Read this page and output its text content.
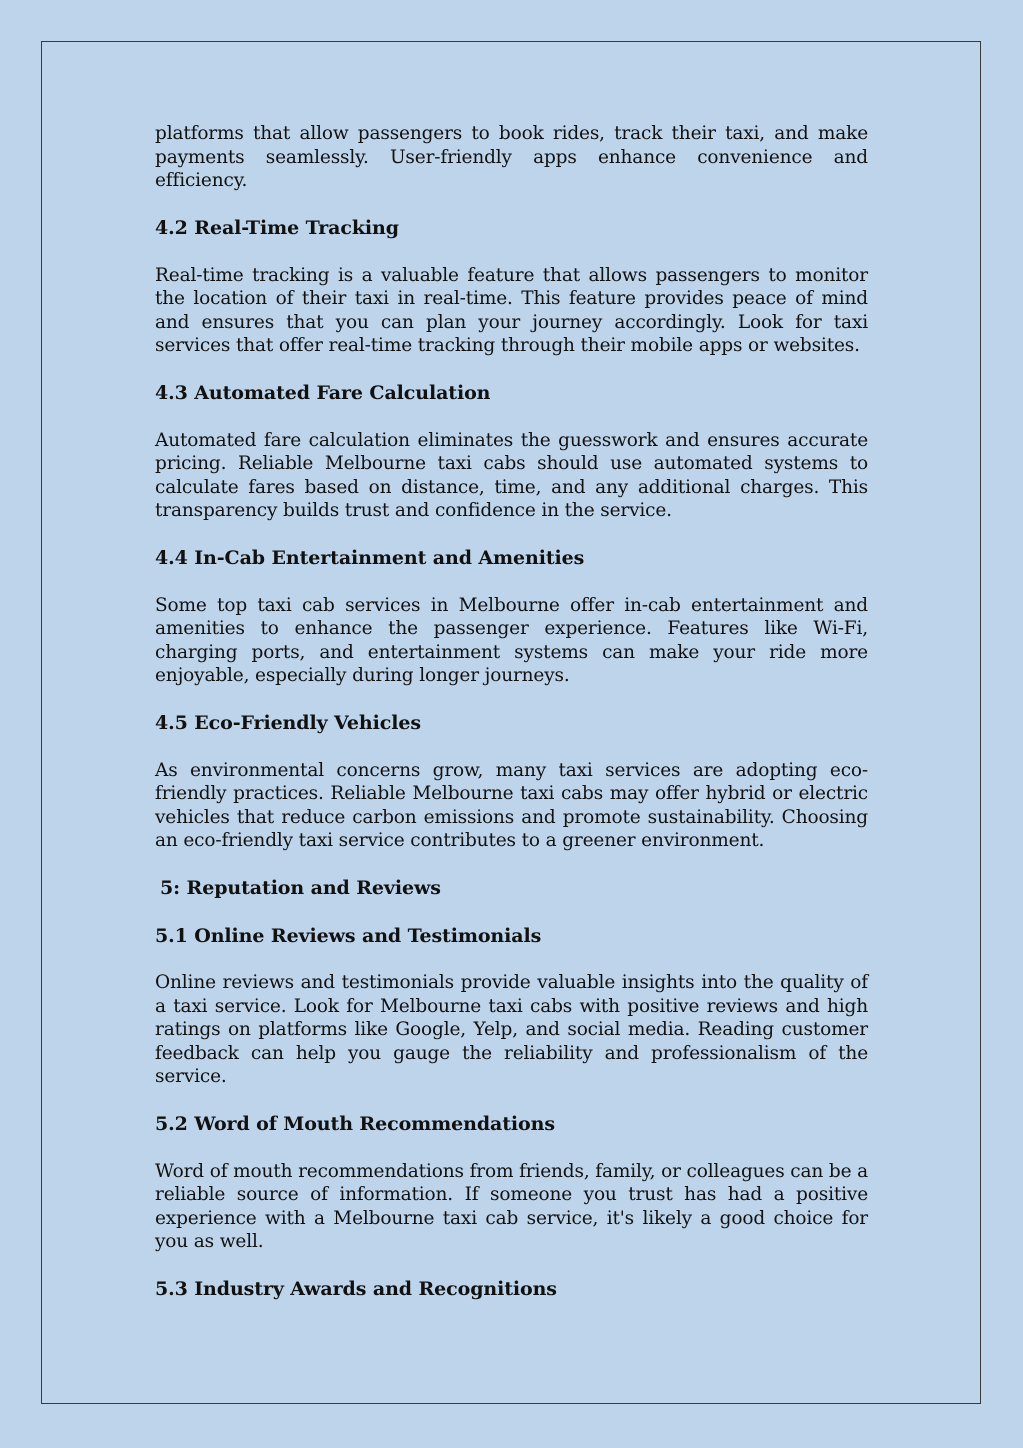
platforms that allow passengers to book rides, track their taxi, and make payments seamlessly. User-friendly apps enhance convenience and efficiency.

4.2 Real-Time Tracking

Real-time tracking is a valuable feature that allows passengers to monitor the location of their taxi in real-time. This feature provides peace of mind and ensures that you can plan your journey accordingly. Look for taxi services that offer real-time tracking through their mobile apps or websites.

4.3 Automated Fare Calculation

Automated fare calculation eliminates the guesswork and ensures accurate pricing. Reliable Melbourne taxi cabs should use automated systems to calculate fares based on distance, time, and any additional charges. This transparency builds trust and confidence in the service.

4.4 In-Cab Entertainment and Amenities

Some top taxi cab services in Melbourne offer in-cab entertainment and amenities to enhance the passenger experience. Features like Wi-Fi, charging ports, and entertainment systems can make your ride more enjoyable, especially during longer journeys.

4.5 Eco-Friendly Vehicles

As environmental concerns grow, many taxi services are adopting eco-friendly practices. Reliable Melbourne taxi cabs may offer hybrid or electric vehicles that reduce carbon emissions and promote sustainability. Choosing an eco-friendly taxi service contributes to a greener environment.

5: Reputation and Reviews
5.1 Online Reviews and Testimonials

Online reviews and testimonials provide valuable insights into the quality of a taxi service. Look for Melbourne taxi cabs with positive reviews and high ratings on platforms like Google, Yelp, and social media. Reading customer feedback can help you gauge the reliability and professionalism of the service.

5.2 Word of Mouth Recommendations

Word of mouth recommendations from friends, family, or colleagues can be a reliable source of information. If someone you trust has had a positive experience with a Melbourne taxi cab service, it's likely a good choice for you as well.

5.3 Industry Awards and Recognitions
